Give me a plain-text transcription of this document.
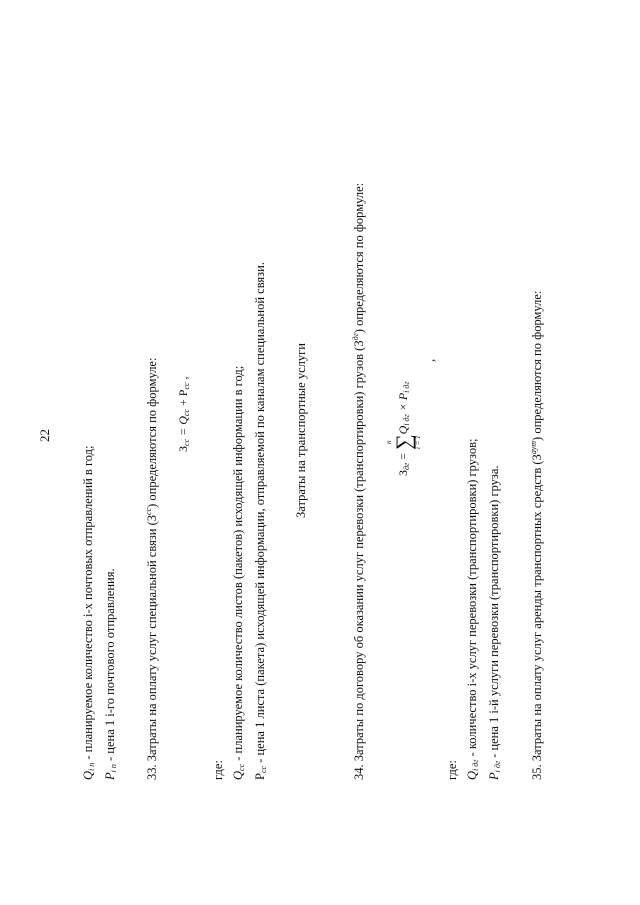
22
$Q_{i п}$ - планируемое количество i-х почтовых отправлений в год;
$P_{i п}$ - цена 1 i-го почтового отправления. 33. Затраты на оплату услуг специальной связи $(З^{сс})$ определяются по формуле: $З_{сс} = Q_{сс} + P_{сс}$ ,
где: $Q_{сс}$ - планируемое количество листов (пакетов) исходящей информации в год;
$P_{сс}$ - цена 1 листа (пакета) исходящей информации, отправляемой по каналам специальной связи. Затраты на транспортные услуги	34. Затраты по договору об оказании услуг перевозки (транспортировки) грузов $(З^{дг})$ определяются по формуле:
$З_{дг}$ =
n
∑
i = 1
$Q_{i дг} \times P_{i дг}$
,
где: $Q_{i дг}$ - количество i-х услуг перевозки (транспортировки) грузов;
$P_{i дг}$ - цена 1 i-й услуги перевозки (транспортировки) груза. 35. Затраты на оплату услуг аренды транспортных средств $(З^{аут})$ определяются по формуле:
